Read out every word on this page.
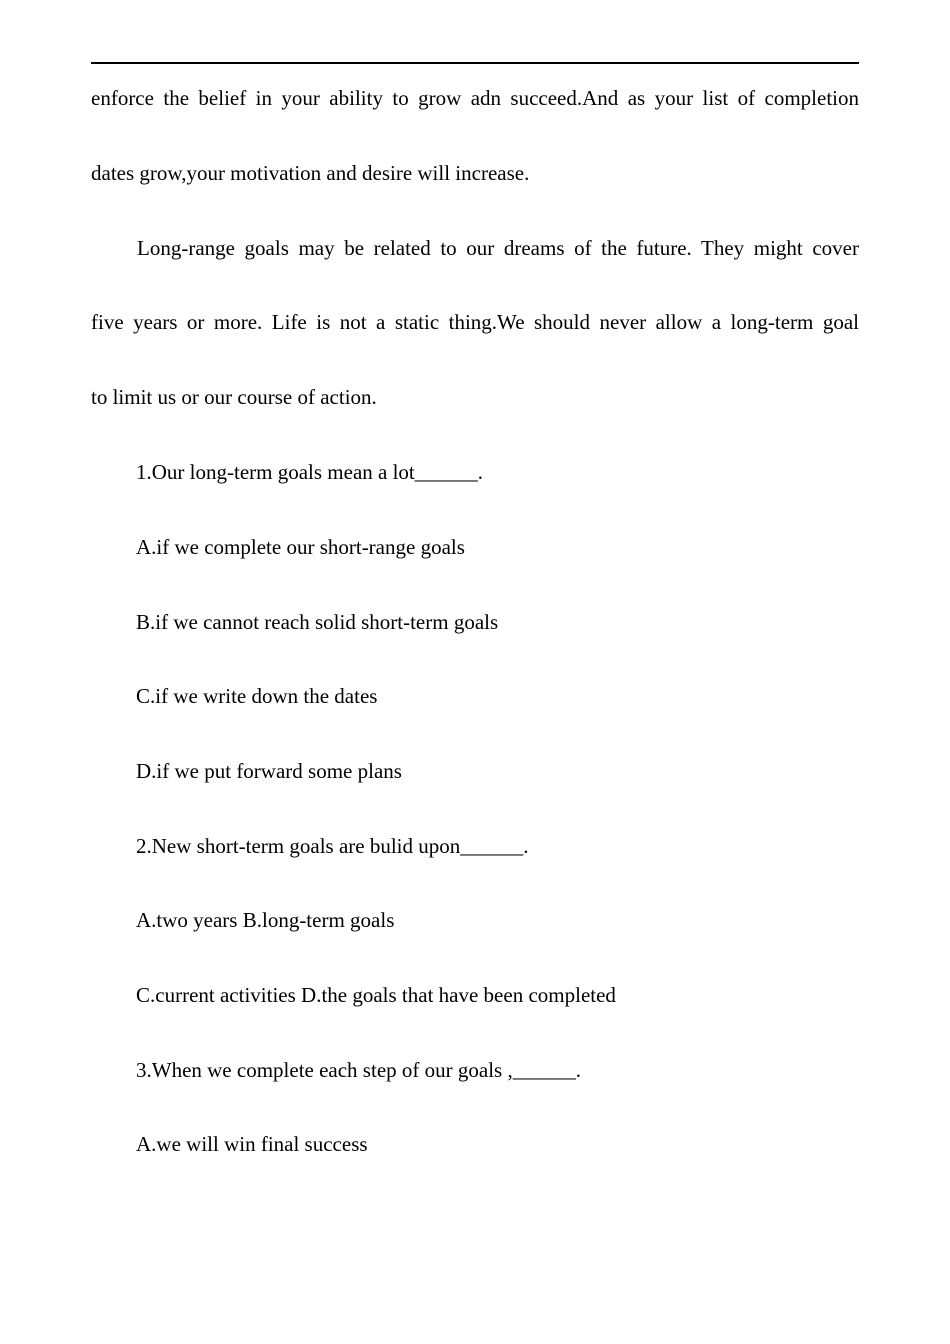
enforce the belief in your ability to grow adn succeed.And as your list of completion
dates grow,your motivation and desire will increase.
Long-range goals may be related to our dreams of the future. They might cover
five years or more. Life is not a static thing.We should never allow a long-term goal
to limit us or our course of action.
1.Our long-term goals mean a lot______.
A.if we complete our short-range goals
B.if we cannot reach solid short-term goals
C.if we write down the dates
D.if we put forward some plans
2.New short-term goals are bulid upon______.
A.two years B.long-term goals
C.current activities D.the goals that have been completed
3.When we complete each step of our goals ,______.
A.we will win final success
